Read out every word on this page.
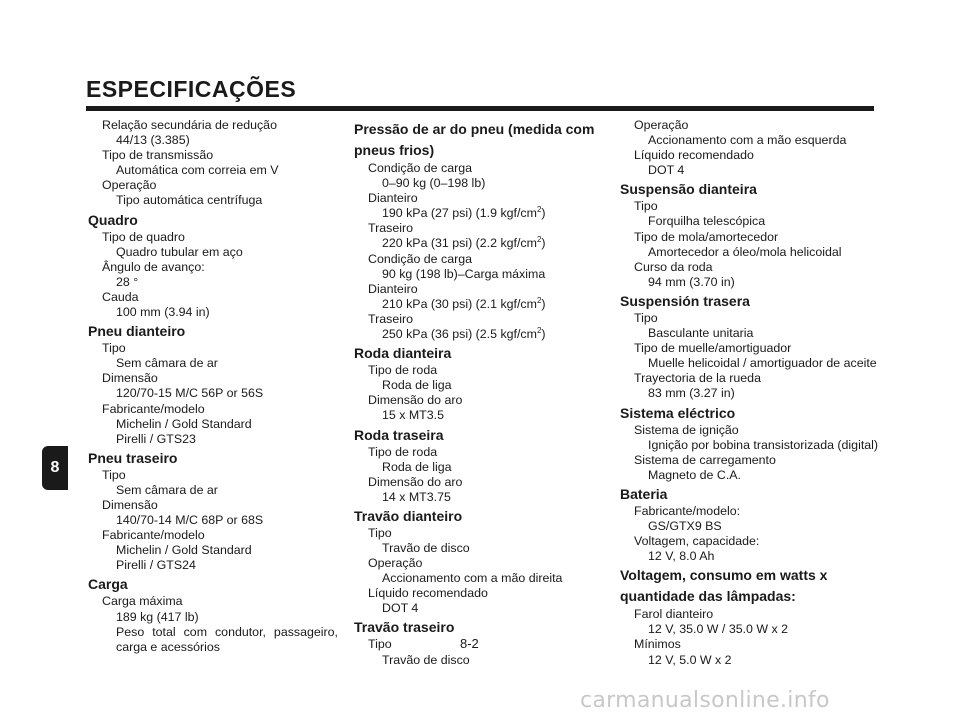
ESPECIFICAÇÕES
8
Relação secundária de redução
44/13 (3.385)
Tipo de transmissão
Automática com correia em V
Operação
Tipo automática centrífuga
Quadro
Tipo de quadro
Quadro tubular em aço
Ângulo de avanço:
28 °
Cauda
100 mm (3.94 in)
Pneu dianteiro
Tipo
Sem câmara de ar
Dimensão
120/70-15 M/C 56P or 56S
Fabricante/modelo
Michelin / Gold Standard
Pirelli / GTS23
Pneu traseiro
Tipo
Sem câmara de ar
Dimensão
140/70-14 M/C 68P or 68S
Fabricante/modelo
Michelin / Gold Standard
Pirelli / GTS24
Carga
Carga máxima
189 kg (417 lb)
Peso total com condutor, passageiro,
carga e acessórios
Pressão de ar do pneu (medida com
pneus frios)
Condição de carga
0–90 kg (0–198 lb)
Dianteiro
190 kPa (27 psi) (1.9 kgf/$cm^2$)
Traseiro
220 kPa (31 psi) (2.2 kgf/$cm^2$)
Condição de carga
90 kg (198 lb)–Carga máxima
Dianteiro
210 kPa (30 psi) (2.1 kgf/$cm^2$)
Traseiro
250 kPa (36 psi) (2.5 kgf/$cm^2$)
Roda dianteira
Tipo de roda
Roda de liga
Dimensão do aro
15 x MT3.5
Roda traseira
Tipo de roda
Roda de liga
Dimensão do aro
14 x MT3.75
Travão dianteiro
Tipo
Travão de disco
Operação
Accionamento com a mão direita
Líquido recomendado
DOT 4
Travão traseiro
Tipo
Travão de disco
Operação
Accionamento com a mão esquerda
Líquido recomendado
DOT 4
Suspensão dianteira
Tipo
Forquilha telescópica
Tipo de mola/amortecedor
Amortecedor a óleo/mola helicoidal
Curso da roda
94 mm (3.70 in)
Suspensión trasera
Tipo
Basculante unitaria
Tipo de muelle/amortiguador
Muelle helicoidal / amortiguador de aceite
Trayectoria de la rueda
83 mm (3.27 in)
Sistema eléctrico
Sistema de ignição
Ignição por bobina transistorizada (digital)
Sistema de carregamento
Magneto de C.A.
Bateria
Fabricante/modelo:
GS/GTX9 BS
Voltagem, capacidade:
12 V, 8.0 Ah
Voltagem, consumo em watts x
quantidade das lâmpadas:
Farol dianteiro
12 V, 35.0 W / 35.0 W x 2
Mínimos
12 V, 5.0 W x 2
8-2
carmanualsonline.info
